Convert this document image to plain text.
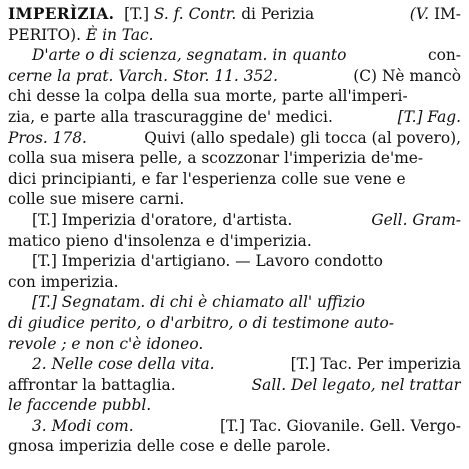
IMPERÌZIA. [T.] S. f. Contr. di Perizia	(V. IM-
PERITO). È in Tac.
D'arte o di scienza, segnatam. in quanto	con-
cerne la prat. Varch. Stor. 11. 352.	(C) Nè mancò
chi desse la colpa della sua morte, parte all'imperi-
zia, e parte alla trascuraggine de' medici.	[T.] Fag.
Pros. 178.	Quivi (allo spedale) gli tocca (al povero),
colla sua misera pelle, a scozzonar l'imperizia de'me-
dici principianti, e far l'esperienza colle sue vene e
colle sue misere carni.
[T.] Imperizia d'oratore, d'artista.	Gell. Gram-
matico pieno d'insolenza e d'imperizia.
[T.] Imperizia d'artigiano. — Lavoro condotto
con imperizia.
[T.] Segnatam. di chi è chiamato all' uffizio
di giudice perito, o d'arbitro, o di testimone auto-
revole ; e non c'è idoneo.
2. Nelle cose della vita.	[T.] Tac. Per imperizia
affrontar la battaglia.	Sall. Del legato, nel trattar
le faccende pubbl.
3. Modi com.	[T.] Tac. Giovanile. Gell. Vergo-
gnosa imperizia delle cose e delle parole.
